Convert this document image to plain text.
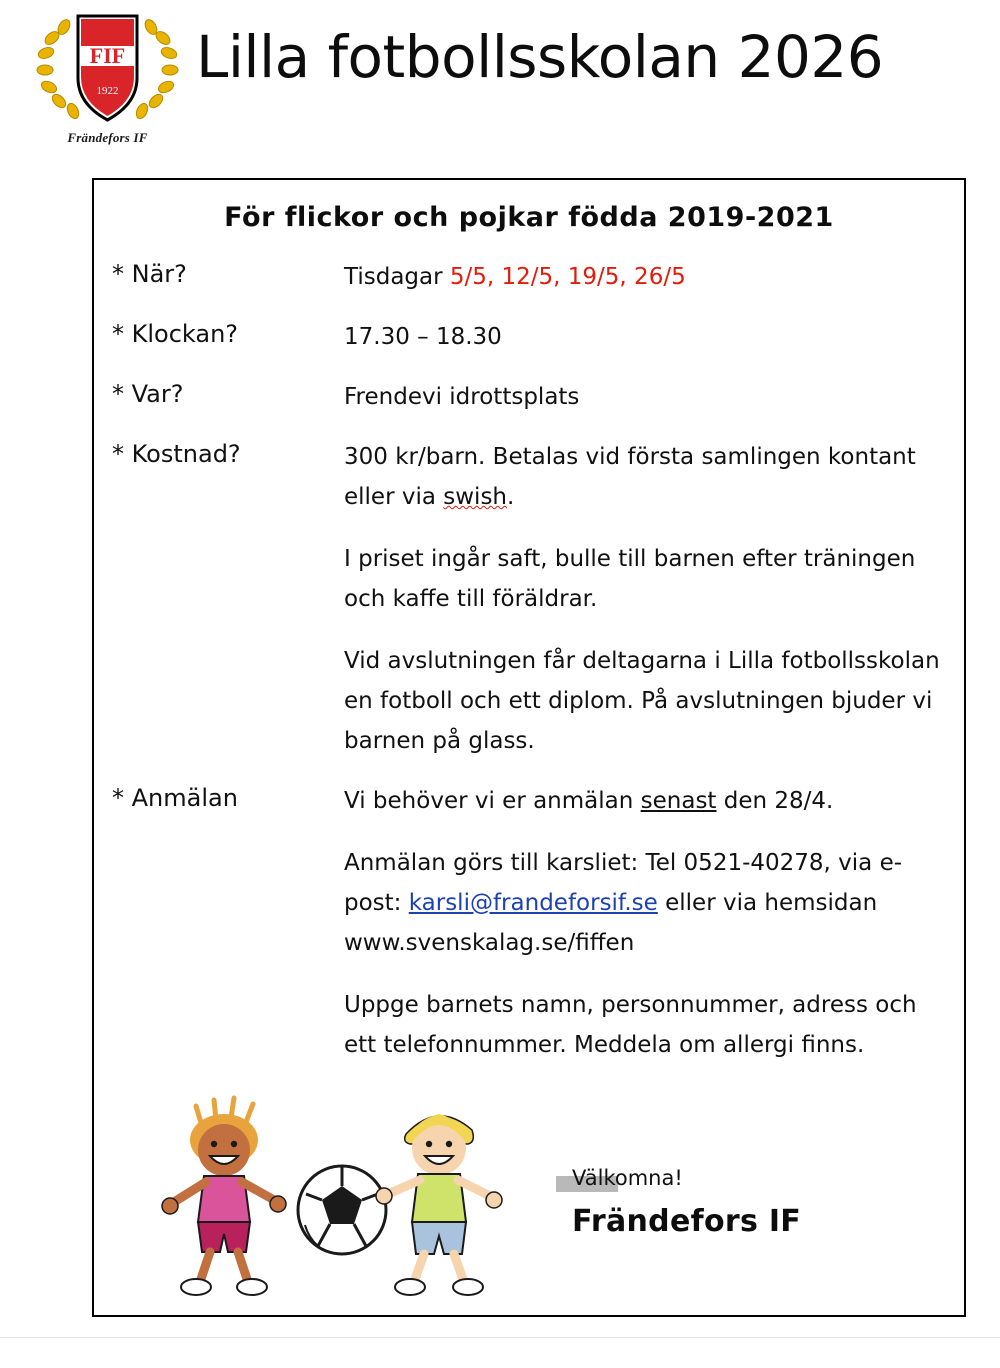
FIF
1922
Frändefors IF
Lilla fotbollsskolan 2026
För flickor och pojkar födda 2019-2021
* När?	Tisdagar 5/5, 12/5, 19/5, 26/5

* Klockan?	17.30 – 18.30

* Var?	Frendevi idrottsplats

* Kostnad?	300 kr/barn. Betalas vid första samlingen kontant eller via swish.

I priset ingår saft, bulle till barnen efter träningen och kaffe till föräldrar.

Vid avslutningen får deltagarna i Lilla fotbollsskolan en fotboll och ett diplom. På avslutningen bjuder vi barnen på glass.

* Anmälan	Vi behöver vi er anmälan senast den 28/4.

Anmälan görs till karsliet: Tel 0521-40278, via e-post: karsli@frandeforsif.se eller via hemsidan www.svenskalag.se/fiffen

Uppge barnets namn, personnummer, adress och ett telefonnummer. Meddela om allergi finns.

Välkomna!
Frändefors IF
